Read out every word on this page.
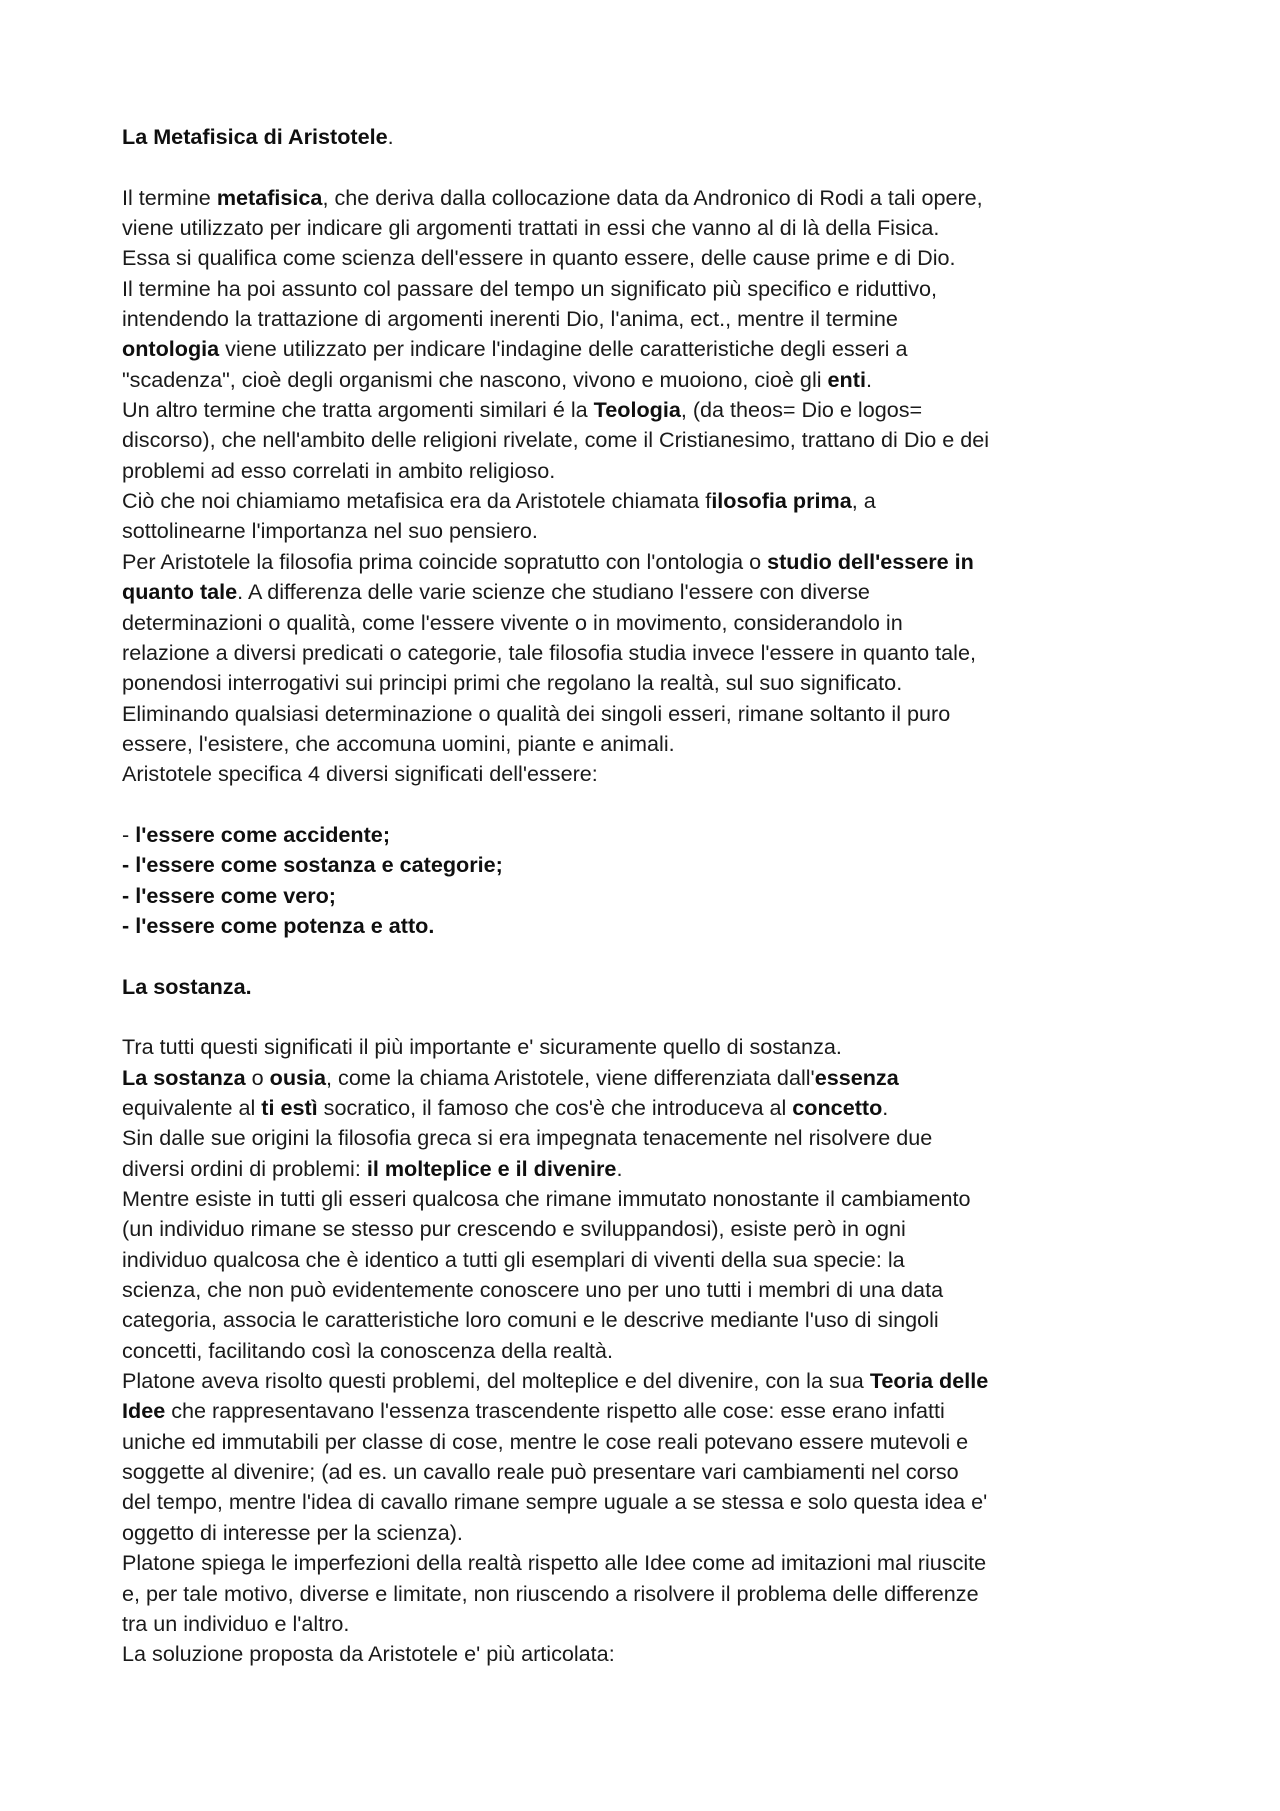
La Metafisica di Aristotele.

Il termine metafisica, che deriva dalla collocazione data da Andronico di Rodi a tali opere,

viene utilizzato per indicare gli argomenti trattati in essi che vanno al di là della Fisica.

Essa si qualifica come scienza dell'essere in quanto essere, delle cause prime e di Dio.

Il termine ha poi assunto col passare del tempo un significato più specifico e riduttivo,

intendendo la trattazione di argomenti inerenti Dio, l'anima, ect., mentre il termine

ontologia viene utilizzato per indicare l'indagine delle caratteristiche degli esseri a

"scadenza", cioè degli organismi che nascono, vivono e muoiono, cioè gli enti.

Un altro termine che tratta argomenti similari é la Teologia, (da theos= Dio e logos=

discorso), che nell'ambito delle religioni rivelate, come il Cristianesimo, trattano di Dio e dei

problemi ad esso correlati in ambito religioso.

Ciò che noi chiamiamo metafisica era da Aristotele chiamata filosofia prima, a

sottolinearne l'importanza nel suo pensiero.

Per Aristotele la filosofia prima coincide sopratutto con l'ontologia o studio dell'essere in

quanto tale. A differenza delle varie scienze che studiano l'essere con diverse

determinazioni o qualità, come l'essere vivente o in movimento, considerandolo in

relazione a diversi predicati o categorie, tale filosofia studia invece l'essere in quanto tale,

ponendosi interrogativi sui principi primi che regolano la realtà, sul suo significato.

Eliminando qualsiasi determinazione o qualità dei singoli esseri, rimane soltanto il puro

essere, l'esistere, che accomuna uomini, piante e animali.

Aristotele specifica 4 diversi significati dell'essere:

- l'essere come accidente;

- l'essere come sostanza e categorie;

- l'essere come vero;

- l'essere come potenza e atto.

La sostanza.

Tra tutti questi significati il più importante e' sicuramente quello di sostanza.

La sostanza o ousia, come la chiama Aristotele, viene differenziata dall'essenza

equivalente al ti estì socratico, il famoso che cos'è che introduceva al concetto.

Sin dalle sue origini la filosofia greca si era impegnata tenacemente nel risolvere due

diversi ordini di problemi: il molteplice e il divenire.

Mentre esiste in tutti gli esseri qualcosa che rimane immutato nonostante il cambiamento

(un individuo rimane se stesso pur crescendo e sviluppandosi), esiste però in ogni

individuo qualcosa che è identico a tutti gli esemplari di viventi della sua specie: la

scienza, che non può evidentemente conoscere uno per uno tutti i membri di una data

categoria, associa le caratteristiche loro comuni e le descrive mediante l'uso di singoli

concetti, facilitando così la conoscenza della realtà.

Platone aveva risolto questi problemi, del molteplice e del divenire, con la sua Teoria delle

Idee che rappresentavano l'essenza trascendente rispetto alle cose: esse erano infatti

uniche ed immutabili per classe di cose, mentre le cose reali potevano essere mutevoli e

soggette al divenire; (ad es. un cavallo reale può presentare vari cambiamenti nel corso

del tempo, mentre l'idea di cavallo rimane sempre uguale a se stessa e solo questa idea e'

oggetto di interesse per la scienza).

Platone spiega le imperfezioni della realtà rispetto alle Idee come ad imitazioni mal riuscite

e, per tale motivo, diverse e limitate, non riuscendo a risolvere il problema delle differenze

tra un individuo e l'altro.

La soluzione proposta da Aristotele e' più articolata:
